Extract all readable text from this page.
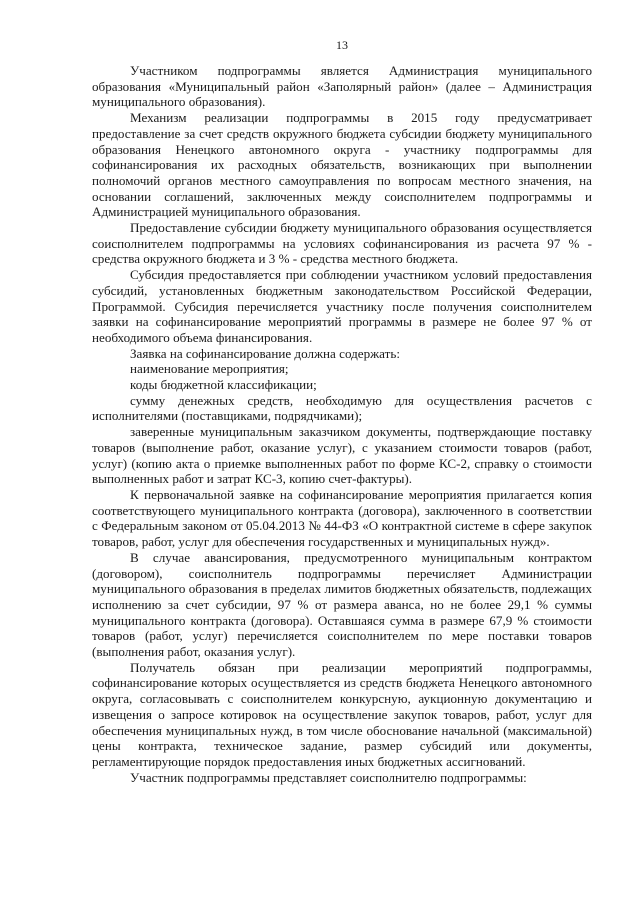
13

Участником подпрограммы является Администрация муниципального образования «Муниципальный район «Заполярный район» (далее – Администрация муниципального образования).

Механизм реализации подпрограммы в 2015 году предусматривает предоставление за счет средств окружного бюджета субсидии бюджету муниципального образования Ненецкого автономного округа - участнику подпрограммы для софинансирования их расходных обязательств, возникающих при выполнении полномочий органов местного самоуправления по вопросам местного значения, на основании соглашений, заключенных между соисполнителем подпрограммы и Администрацией муниципального образования.

Предоставление субсидии бюджету муниципального образования осуществляется соисполнителем подпрограммы на условиях софинансирования из расчета 97 % - средства окружного бюджета и 3 % - средства местного бюджета.

Субсидия предоставляется при соблюдении участником условий предоставления субсидий, установленных бюджетным законодательством Российской Федерации, Программой. Субсидия перечисляется участнику после получения соисполнителем заявки на софинансирование мероприятий программы в размере не более 97 % от необходимого объема финансирования.

Заявка на софинансирование должна содержать:

наименование мероприятия;

коды бюджетной классификации;

сумму денежных средств, необходимую для осуществления расчетов с исполнителями (поставщиками, подрядчиками);

заверенные муниципальным заказчиком документы, подтверждающие поставку товаров (выполнение работ, оказание услуг), с указанием стоимости товаров (работ, услуг) (копию акта о приемке выполненных работ по форме КС-2, справку о стоимости выполненных работ и затрат КС-3, копию счет-фактуры).

К первоначальной заявке на софинансирование мероприятия прилагается копия соответствующего муниципального контракта (договора), заключенного в соответствии с Федеральным законом от 05.04.2013 № 44-ФЗ «О контрактной системе в сфере закупок товаров, работ, услуг для обеспечения государственных и муниципальных нужд».

В случае авансирования, предусмотренного муниципальным контрактом (договором), соисполнитель подпрограммы перечисляет Администрации муниципального образования в пределах лимитов бюджетных обязательств, подлежащих исполнению за счет субсидии, 97 % от размера аванса, но не более 29,1 % суммы муниципального контракта (договора). Оставшаяся сумма в размере 67,9 % стоимости товаров (работ, услуг) перечисляется соисполнителем по мере поставки товаров (выполнения работ, оказания услуг).

Получатель обязан при реализации мероприятий подпрограммы, софинансирование которых осуществляется из средств бюджета Ненецкого автономного округа, согласовывать с соисполнителем конкурсную, аукционную документацию и извещения о запросе котировок на осуществление закупок товаров, работ, услуг для обеспечения муниципальных нужд, в том числе обоснование начальной (максимальной) цены контракта, техническое задание, размер субсидий или документы, регламентирующие порядок предоставления иных бюджетных ассигнований.

Участник подпрограммы представляет соисполнителю подпрограммы:
